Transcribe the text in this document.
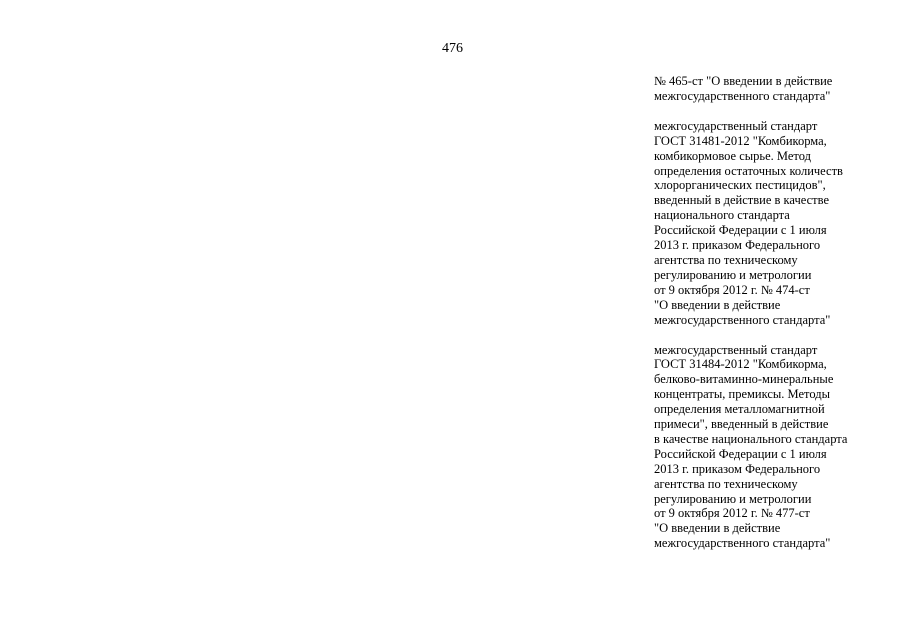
476

№ 465-ст "О введении в действие
межгосударственного стандарта"

межгосударственный стандарт
ГОСТ 31481-2012 "Комбикорма,
комбикормовое сырье. Метод
определения остаточных количеств
хлорорганических пестицидов",
введенный в действие в качестве
национального стандарта
Российской Федерации с 1 июля
2013 г. приказом Федерального
агентства по техническому
регулированию и метрологии
от 9 октября 2012 г. № 474-ст
"О введении в действие
межгосударственного стандарта"

межгосударственный стандарт
ГОСТ 31484-2012 "Комбикорма,
белково-витаминно-минеральные
концентраты, премиксы. Методы
определения металломагнитной
примеси", введенный в действие
в качестве национального стандарта
Российской Федерации с 1 июля
2013 г. приказом Федерального
агентства по техническому
регулированию и метрологии
от 9 октября 2012 г. № 477-ст
"О введении в действие
межгосударственного стандарта"
